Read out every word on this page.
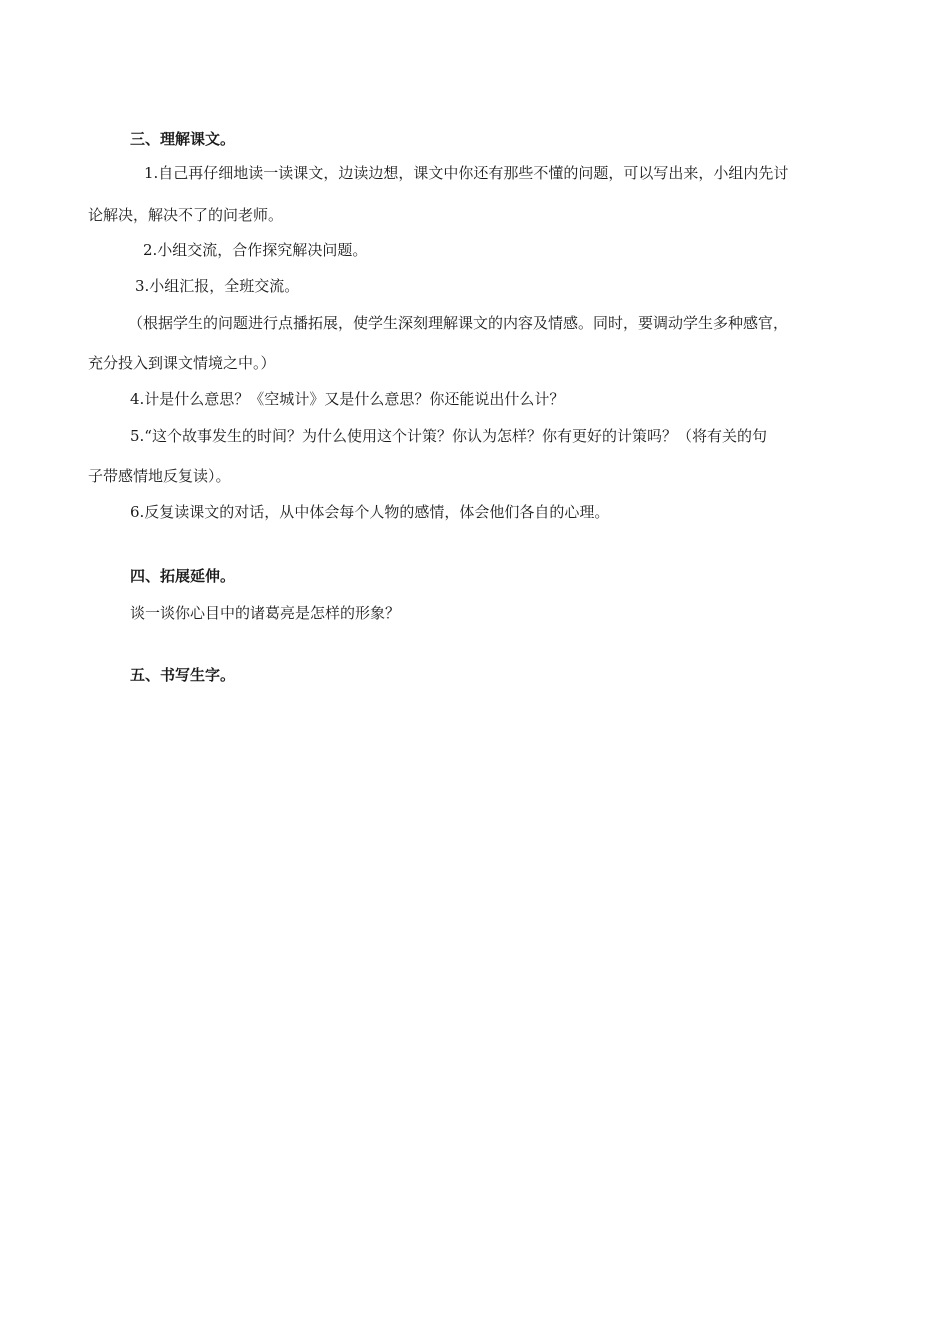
三、理解课文。
1.自己再仔细地读一读课文，边读边想，课文中你还有那些不懂的问题，可以写出来，小组内先讨
论解决，解决不了的问老师。
2.小组交流，合作探究解决问题。
3.小组汇报，全班交流。
（根据学生的问题进行点播拓展，使学生深刻理解课文的内容及情感。同时，要调动学生多种感官，
充分投入到课文情境之中。）
4.计是什么意思？《空城计》又是什么意思？你还能说出什么计？
5.“这个故事发生的时间？为什么使用这个计策？你认为怎样？你有更好的计策吗？（将有关的句
子带感情地反复读）。
6.反复读课文的对话，从中体会每个人物的感情，体会他们各自的心理。
四、拓展延伸。
谈一谈你心目中的诸葛亮是怎样的形象？
五、书写生字。
